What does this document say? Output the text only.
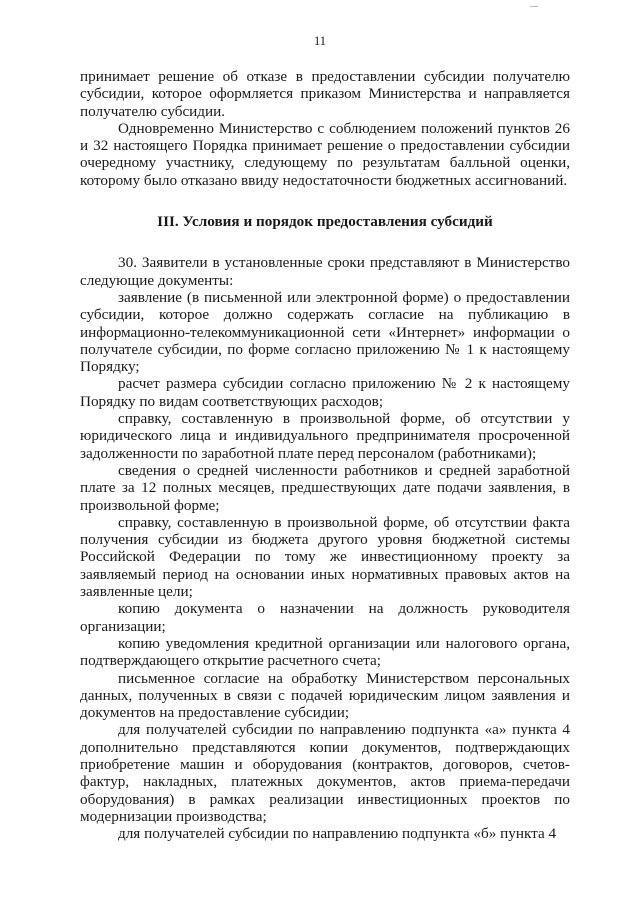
11

принимает решение об отказе в предоставлении субсидии получателю субсидии, которое оформляется приказом Министерства и направляется получателю субсидии.

Одновременно Министерство с соблюдением положений пунктов 26 и 32 настоящего Порядка принимает решение о предоставлении субсидии очередному участнику, следующему по результатам балльной оценки, которому было отказано ввиду недостаточности бюджетных ассигнований.

III. Условия и порядок предоставления субсидий

30. Заявители в установленные сроки представляют в Министерство следующие документы:

заявление (в письменной или электронной форме) о предоставлении субсидии, которое должно содержать согласие на публикацию в информационно-телекоммуникационной сети «Интернет» информации о получателе субсидии, по форме согласно приложению № 1 к настоящему Порядку;

расчет размера субсидии согласно приложению № 2 к настоящему Порядку по видам соответствующих расходов;

справку, составленную в произвольной форме, об отсутствии у юридического лица и индивидуального предпринимателя просроченной задолженности по заработной плате перед персоналом (работниками);

сведения о средней численности работников и средней заработной плате за 12 полных месяцев, предшествующих дате подачи заявления, в произвольной форме;

справку, составленную в произвольной форме, об отсутствии факта получения субсидии из бюджета другого уровня бюджетной системы Российской Федерации по тому же инвестиционному проекту за заявляемый период на основании иных нормативных правовых актов на заявленные цели;

копию документа о назначении на должность руководителя организации;

копию уведомления кредитной организации или налогового органа, подтверждающего открытие расчетного счета;

письменное согласие на обработку Министерством персональных данных, полученных в связи с подачей юридическим лицом заявления и документов на предоставление субсидии;

для получателей субсидии по направлению подпункта «а» пункта 4 дополнительно представляются копии документов, подтверждающих приобретение машин и оборудования (контрактов, договоров, счетов-фактур, накладных, платежных документов, актов приема-передачи оборудования) в рамках реализации инвестиционных проектов по модернизации производства;

для получателей субсидии по направлению подпункта «б» пункта 4
